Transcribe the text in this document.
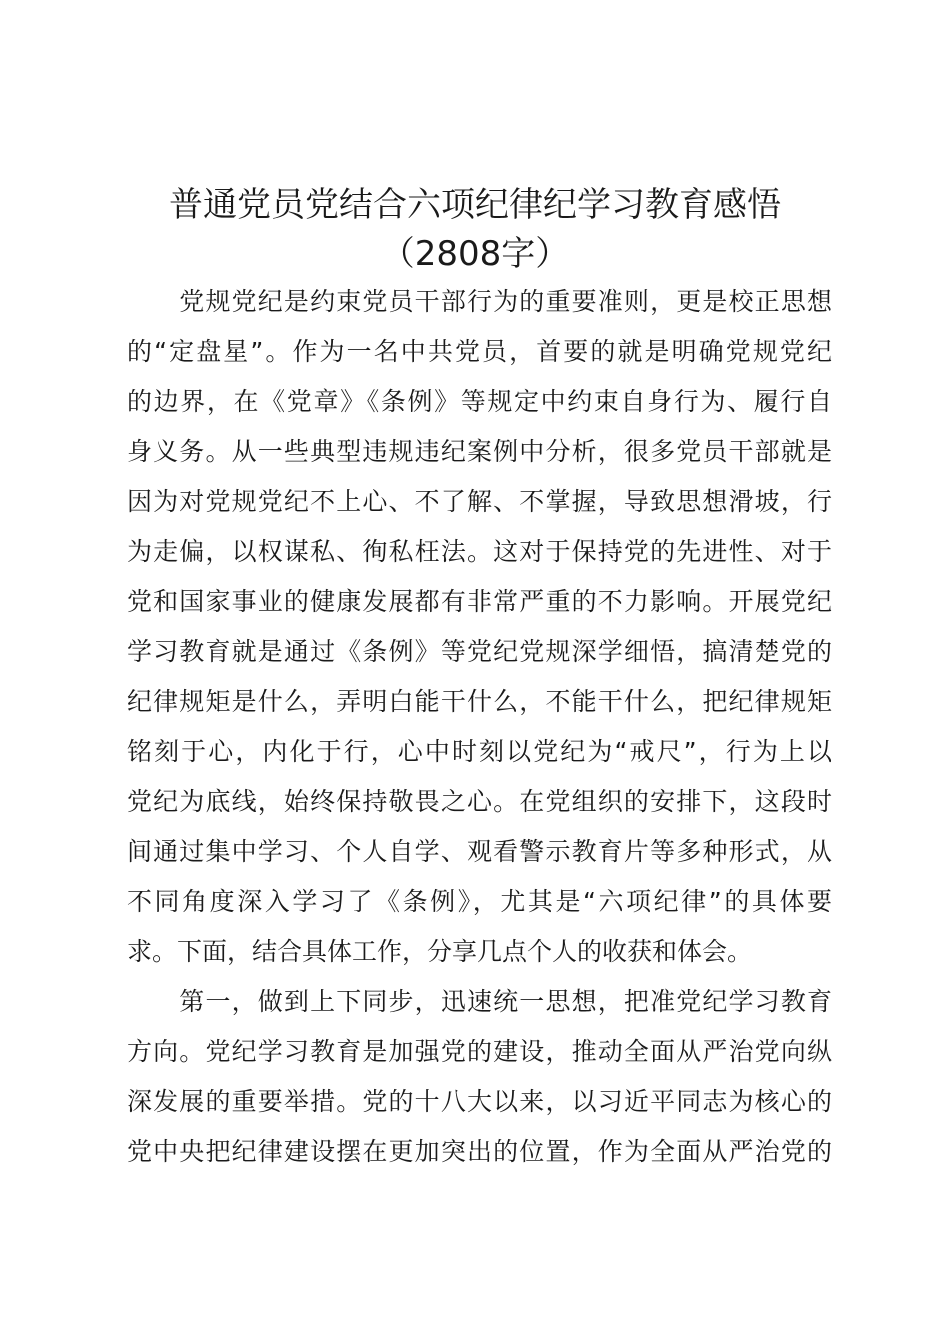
普通党员党结合六项纪律纪学习教育感悟
（2808字）

　　党规党纪是约束党员干部行为的重要准则，更是校正思想

的“定盘星”。作为一名中共党员，首要的就是明确党规党纪

的边界，在《党章》《条例》等规定中约束自身行为、履行自

身义务。从一些典型违规违纪案例中分析，很多党员干部就是

因为对党规党纪不上心、不了解、不掌握，导致思想滑坡，行

为走偏，以权谋私、徇私枉法。这对于保持党的先进性、对于

党和国家事业的健康发展都有非常严重的不力影响。开展党纪

学习教育就是通过《条例》等党纪党规深学细悟，搞清楚党的

纪律规矩是什么，弄明白能干什么，不能干什么，把纪律规矩

铭刻于心，内化于行，心中时刻以党纪为“戒尺”，行为上以

党纪为底线，始终保持敬畏之心。在党组织的安排下，这段时

间通过集中学习、个人自学、观看警示教育片等多种形式，从

不同角度深入学习了《条例》，尤其是“六项纪律”的具体要

求。下面，结合具体工作，分享几点个人的收获和体会。

　　第一，做到上下同步，迅速统一思想，把准党纪学习教育

方向。党纪学习教育是加强党的建设，推动全面从严治党向纵

深发展的重要举措。党的十八大以来，以习近平同志为核心的

党中央把纪律建设摆在更加突出的位置，作为全面从严治党的
